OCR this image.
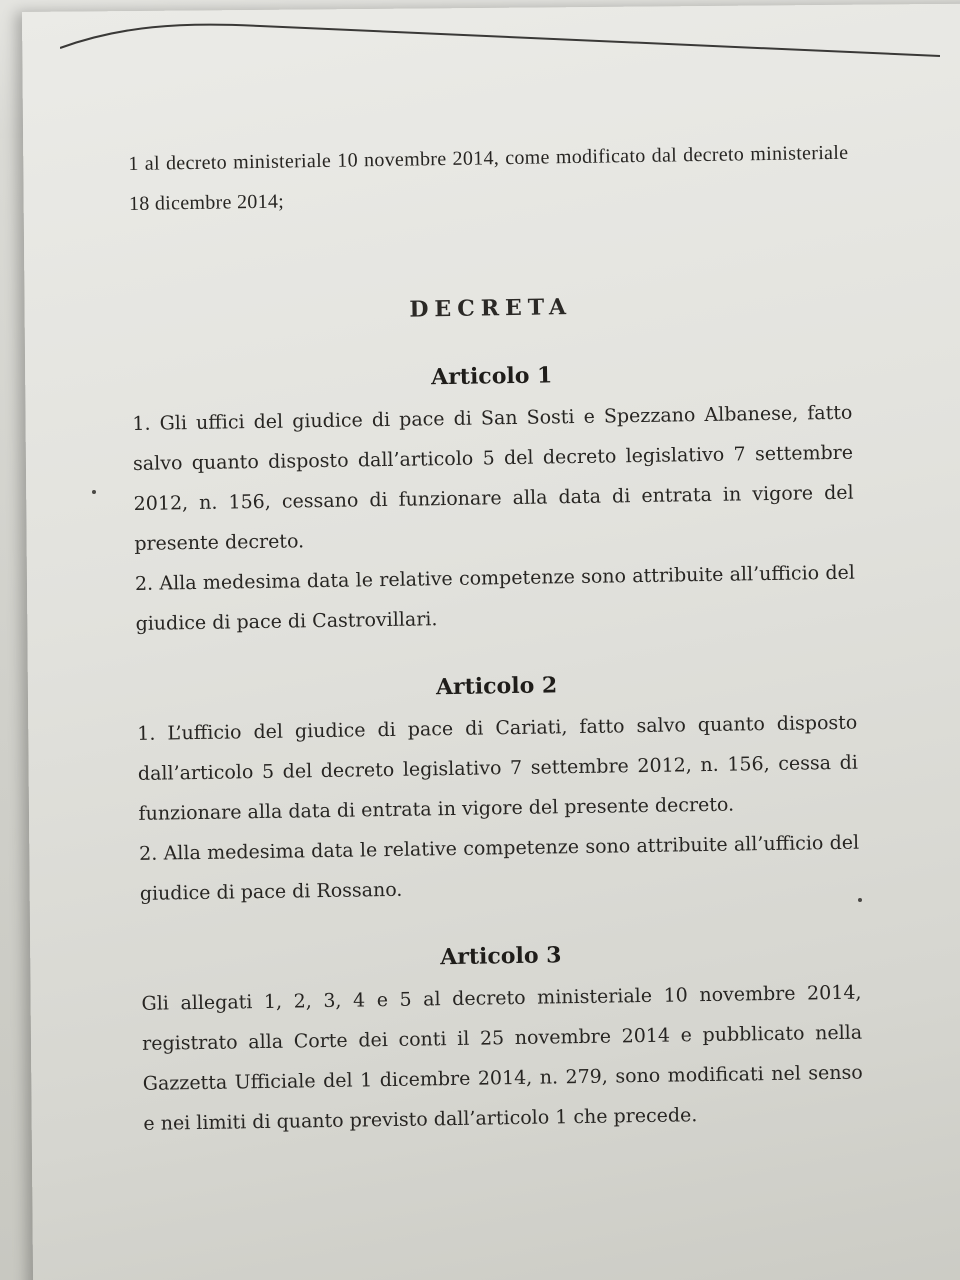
1 al decreto ministeriale 10 novembre 2014, come modificato dal decreto ministeriale 18 dicembre 2014;

DECRETA
Articolo 1

1. Gli uffici del giudice di pace di San Sosti e Spezzano Albanese, fatto salvo quanto disposto dall’articolo 5 del decreto legislativo 7 settembre 2012, n. 156, cessano di funzionare alla data di entrata in vigore del presente decreto.

2. Alla medesima data le relative competenze sono attribuite all’ufficio del giudice di pace di Castrovillari.

Articolo 2

1. L’ufficio del giudice di pace di Cariati, fatto salvo quanto disposto dall’articolo 5 del decreto legislativo 7 settembre 2012, n. 156, cessa di funzionare alla data di entrata in vigore del presente decreto.

2. Alla medesima data le relative competenze sono attribuite all’ufficio del giudice di pace di Rossano.

Articolo 3

Gli allegati 1, 2, 3, 4 e 5 al decreto ministeriale 10 novembre 2014, registrato alla Corte dei conti il 25 novembre 2014 e pubblicato nella Gazzetta Ufficiale del 1 dicembre 2014, n. 279, sono modificati nel senso e nei limiti di quanto previsto dall’articolo 1 che precede.
